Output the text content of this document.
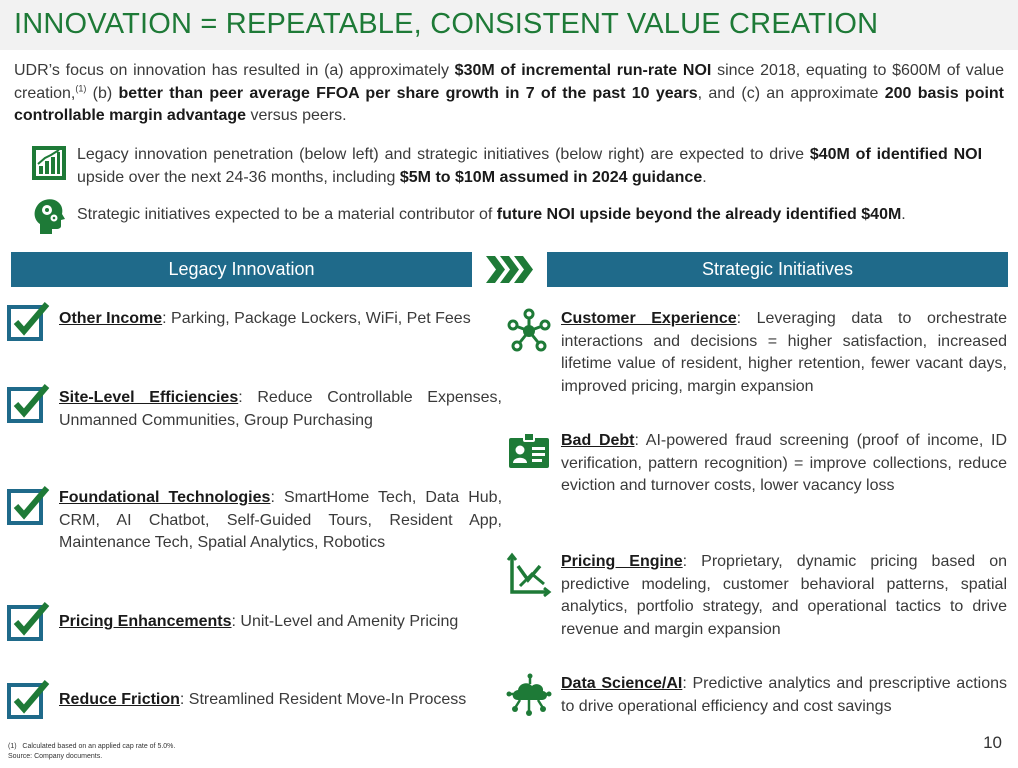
INNOVATION = REPEATABLE, CONSISTENT VALUE CREATION
UDR’s focus on innovation has resulted in (a) approximately $30M of incremental run-rate NOI since 2018, equating to $600M of value creation,$^{(1)}$ (b) better than peer average FFOA per share growth in 7 of the past 10 years, and (c) an approximate 200 basis point controllable margin advantage versus peers.
Legacy innovation penetration (below left) and strategic initiatives (below right) are expected to drive $40M of identified NOI upside over the next 24-36 months, including $5M to $10M assumed in 2024 guidance.
Strategic initiatives expected to be a material contributor of future NOI upside beyond the already identified $40M.
Legacy Innovation	Strategic Initiatives
Other Income: Parking, Package Lockers, WiFi, Pet Fees
Site-Level Efficiencies: Reduce Controllable Expenses, Unmanned Communities, Group Purchasing
Foundational Technologies: SmartHome Tech, Data Hub, CRM, AI Chatbot, Self-Guided Tours, Resident App, Maintenance Tech, Spatial Analytics, Robotics
Pricing Enhancements: Unit-Level and Amenity Pricing
Reduce Friction: Streamlined Resident Move-In Process
Customer Experience: Leveraging data to orchestrate interactions and decisions = higher satisfaction, increased lifetime value of resident, higher retention, fewer vacant days, improved pricing, margin expansion
Bad Debt: AI-powered fraud screening (proof of income, ID verification, pattern recognition) = improve collections, reduce eviction and turnover costs, lower vacancy loss
Pricing Engine: Proprietary, dynamic pricing based on predictive modeling, customer behavioral patterns, spatial analytics, portfolio strategy, and operational tactics to drive revenue and margin expansion
Data Science/AI: Predictive analytics and prescriptive actions to drive operational efficiency and cost savings
(1) Calculated based on an applied cap rate of 5.0%.
Source: Company documents.
10
